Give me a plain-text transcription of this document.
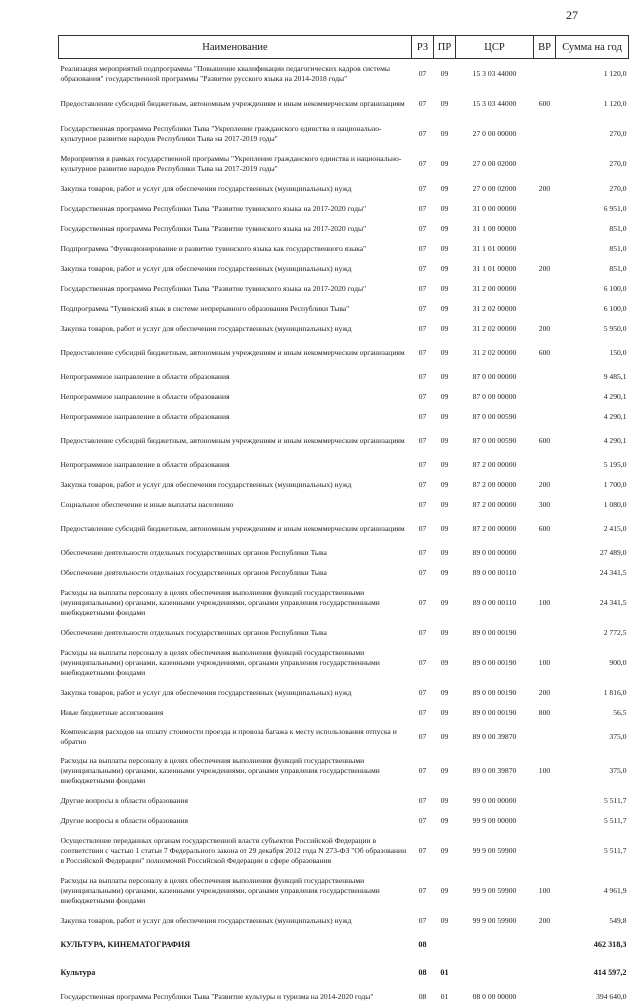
27
Наименование	РЗ	ПР	ЦСР	ВР	Сумма на год
Реализация мероприятий подпрограммы "Повышение квалификации педагогических кадров системы образования" государственной программы "Развитие русского языка на 2014-2018 годы"	07	09	15 3 03 44000		1 120,0
Предоставление субсидий бюджетным, автономным учреждениям и иным некоммерческим организациям	07	09	15 3 03 44000	600	1 120,0
Государственная программа Республики Тыва "Укрепление гражданского единства и национально-культурное развитие народов Республики Тыва на 2017-2019 годы"	07	09	27 0 00 00000		270,0
Мероприятия в рамках государственной программы "Укрепление гражданского единства и национально-культурное развитие народов Республики Тыва на 2017-2019 годы"	07	09	27 0 00 02000		270,0
Закупка товаров, работ и услуг для обеспечения государственных (муниципальных) нужд	07	09	27 0 00 02000	200	270,0
Государственная программа Республики Тыва "Развитие тувинского языка на 2017-2020 годы"	07	09	31 0 00 00000		6 951,0
Государственная программа Республики Тыва "Развитие тувинского языка на 2017-2020 годы"	07	09	31 1 00 00000		851,0
Подпрограмма "Функционирование и развитие тувинского языка как государственного языка"	07	09	31 1 01 00000		851,0
Закупка товаров, работ и услуг для обеспечения государственных (муниципальных) нужд	07	09	31 1 01 00000	200	851,0
Государственная программа Республики Тыва "Развитие тувинского языка на 2017-2020 годы"	07	09	31 2 00 00000		6 100,0
Подпрограмма "Тувинский язык в системе непрерывного образования Республики Тыва"	07	09	31 2 02 00000		6 100,0
Закупка товаров, работ и услуг для обеспечения государственных (муниципальных) нужд	07	09	31 2 02 00000	200	5 950,0
Предоставление субсидий бюджетным, автономным учреждениям и иным некоммерческим организациям	07	09	31 2 02 00000	600	150,0
Непрограммное направление в области образования	07	09	87 0 00 00000		9 485,1
Непрограммное направление в области образования	07	09	87 0 00 00000		4 290,1
Непрограммное направление в области образования	07	09	87 0 00 00590		4 290,1
Предоставление субсидий бюджетным, автономным учреждениям и иным некоммерческим организациям	07	09	87 0 00 00590	600	4 290,1
Непрограммное направление в области образования	07	09	87 2 00 00000		5 195,0
Закупка товаров, работ и услуг для обеспечения государственных (муниципальных) нужд	07	09	87 2 00 00000	200	1 700,0
Социальное обеспечение и иные выплаты населению	07	09	87 2 00 00000	300	1 080,0
Предоставление субсидий бюджетным, автономным учреждениям и иным некоммерческим организациям	07	09	87 2 00 00000	600	2 415,0
Обеспечение деятельности отдельных государственных органов Республики Тыва	07	09	89 0 00 00000		27 489,0
Обеспечение деятельности отдельных государственных органов Республики Тыва	07	09	89 0 00 00110		24 341,5
Расходы на выплаты персоналу в целях обеспечения выполнения функций государственными (муниципальными) органами, казенными учреждениями, органами управления государственными внебюджетными фондами	07	09	89 0 00 00110	100	24 341,5
Обеспечение деятельности отдельных государственных органов Республики Тыва	07	09	89 0 00 00190		2 772,5
Расходы на выплаты персоналу в целях обеспечения выполнения функций государственными (муниципальными) органами, казенными учреждениями, органами управления государственными внебюджетными фондами	07	09	89 0 00 00190	100	900,0
Закупка товаров, работ и услуг для обеспечения государственных (муниципальных) нужд	07	09	89 0 00 00190	200	1 816,0
Иные бюджетные ассигнования	07	09	89 0 00 00190	800	56,5
Компенсация расходов на оплату стоимости проезда и провоза багажа к месту использования отпуска и обратно	07	09	89 0 00 39870		375,0
Расходы на выплаты персоналу в целях обеспечения выполнения функций государственными (муниципальными) органами, казенными учреждениями, органами управления государственными внебюджетными фондами	07	09	89 0 00 39870	100	375,0
Другие вопросы в области образования	07	09	99 0 00 00000		5 511,7
Другие вопросы в области образования	07	09	99 9 00 00000		5 511,7
Осуществление переданных органам государственной власти субъектов Российской Федерации в соответствии с частью 1 статьи 7 Федерального закона от 29 декабря 2012 года N 273-ФЗ "Об образовании в Российской Федерации" полномочий Российской Федерации в сфере образования	07	09	99 9 00 59900		5 511,7
Расходы на выплаты персоналу в целях обеспечения выполнения функций государственными (муниципальными) органами, казенными учреждениями, органами управления государственными внебюджетными фондами	07	09	99 9 00 59900	100	4 961,9
Закупка товаров, работ и услуг для обеспечения государственных (муниципальных) нужд	07	09	99 9 00 59900	200	549,8
КУЛЬТУРА, КИНЕМАТОГРАФИЯ	08				462 318,3
Культура	08	01			414 597,2
Государственная программа Республики Тыва "Развитие культуры и туризма на 2014-2020 годы"	08	01	08 0 00 00000		394 640,0
